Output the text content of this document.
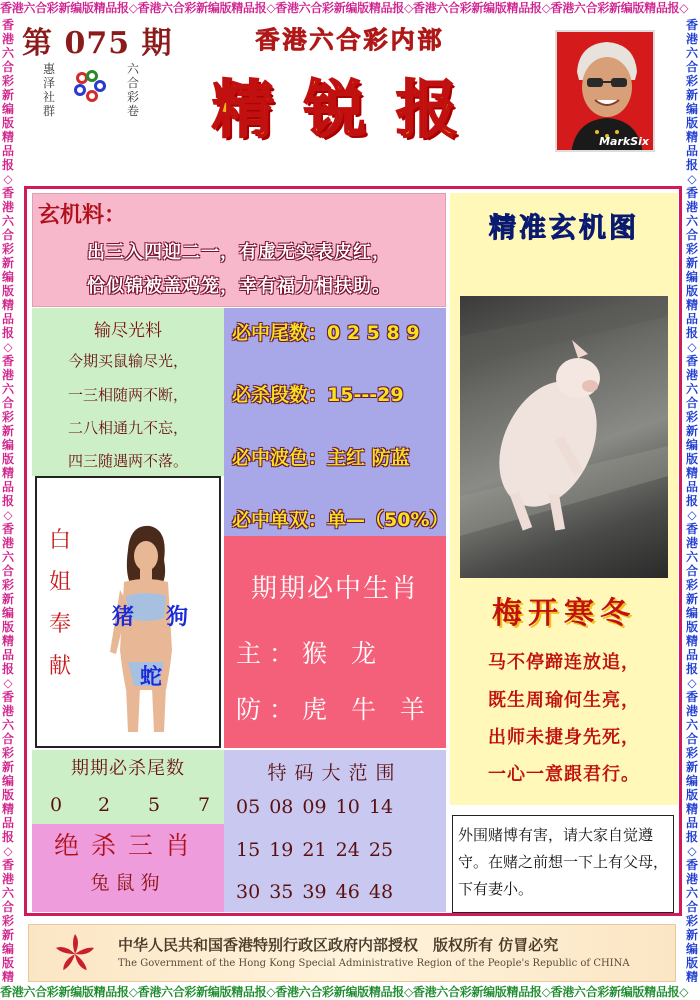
香港六合彩新编版精品报◇香港六合彩新编版精品报◇香港六合彩新编版精品报◇香港六合彩新编版精品报◇香港六合彩新编版精品报◇
香港六合彩新编版精品报◇香港六合彩新编版精品报◇香港六合彩新编版精品报◇香港六合彩新编版精品报◇香港六合彩新编版精品报◇
香港六合彩新编版精品报◇香港六合彩新编版精品报◇香港六合彩新编版精品报◇香港六合彩新编版精品报◇香港六合彩新编版精品报◇香港六合彩新编版精
香港六合彩新编版精品报◇香港六合彩新编版精品报◇香港六合彩新编版精品报◇香港六合彩新编版精品报◇香港六合彩新编版精品报◇香港六合彩新编版精
第 075 期
惠泽社群
六合彩卷
香港六合彩内部
精锐报	MarkSix
玄机料：
出三入四迎二一，有虚无实表皮红，
恰似锦被盖鸡笼，幸有福力相扶助。
输尽光料
今期买鼠输尽光，
一三相随两不断，
二八相通九不忘，
四三随遇两不落。
必中尾数：0 2 5 8 9
必杀段数：15---29
必中波色：主红 防蓝
必中单双：单—（50%）
白姐奉献
猪 狗
蛇
期期必中生肖
主：猴 龙
防：虎 牛 羊
期期必杀尾数
0 2 5 7
绝杀三肖
兔鼠狗
特码大范围
05 08 09 10 14
15 19 21 24 25
30 35 39 46 48
精准玄机图
梅开寒冬
马不停蹄连放追，
既生周瑜何生亮，
出师未捷身先死，
一心一意跟君行。
外围赌博有害，请大家自觉遵守。在赌之前想一下上有父母，下有妻小。
中华人民共和国香港特别行政区政府内部授权　版权所有 仿冒必究
The Government of the Hong Kong Special Administrative Region of the People's Republic of CHINA
